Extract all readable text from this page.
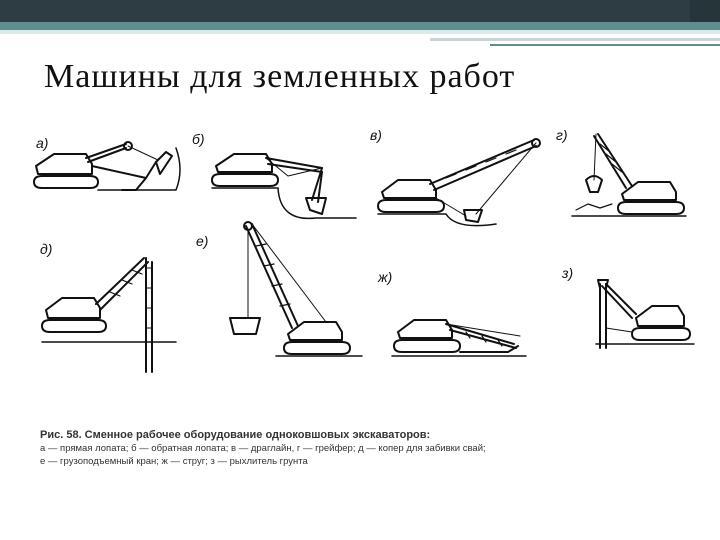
Машины для земленных работ
а)	б)	в)	г)
д)	е)
ж)	з)
Рис. 58. Сменное рабочее оборудование одноковшовых экскаваторов:
а — прямая лопата; б — обратная лопата; в — драглайн, г — грейфер; д — копер для забивки свай;
е — грузоподъемный кран; ж — струг; з — рыхлитель грунта
